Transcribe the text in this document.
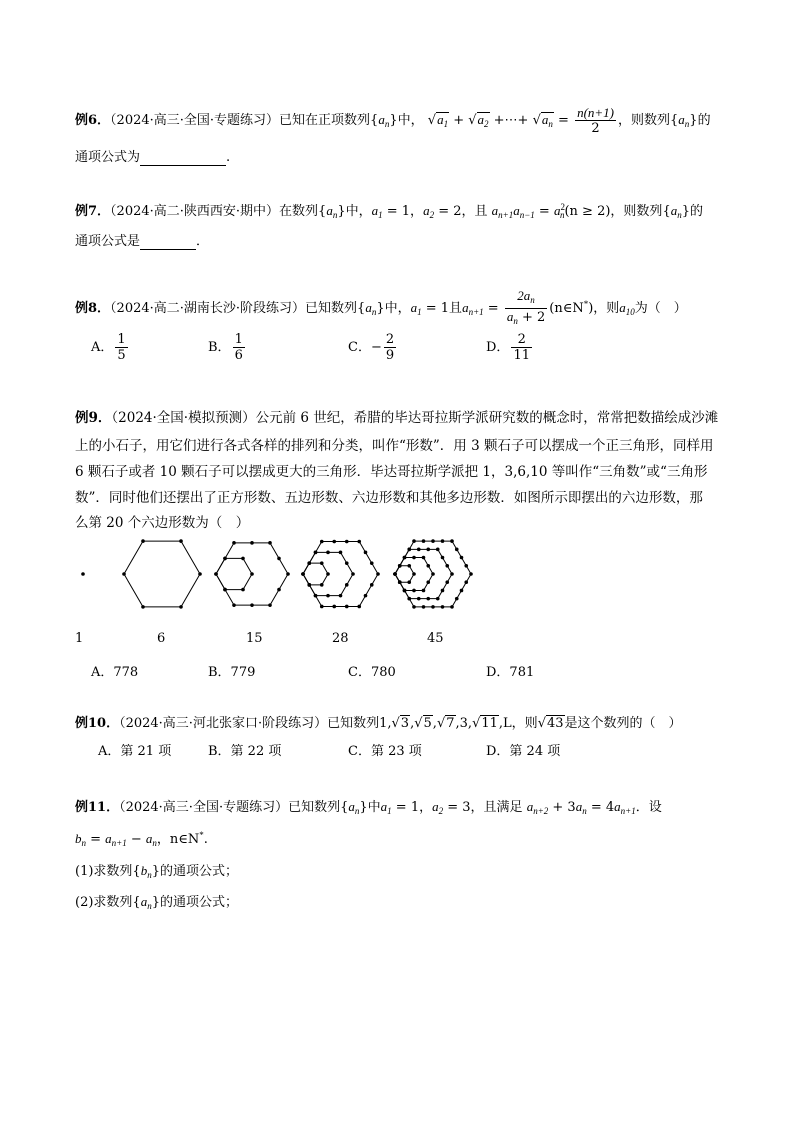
例6．（2024·高三·全国·专题练习）已知在正项数列$\{a_n\}$中， $√a_1 + √a_2$ +⋯+ $√a_n = \frac{n(n+1)}{2}$ ，则数列$\{a_n\}$的
通项公式为	.
例7．（2024·高二·陕西西安·期中）在数列$\{a_n\}$中，$a_1 = 1$，$a_2 = 2$，且 $a_{n+1}a_{n-1} = a^2_n(n \ge 2)$，则数列$\{a_n\}$的
通项公式是	．
例8．（2024·高二·湖南长沙·阶段练习）已知数列$\{a_n\}$中，$a_1 = 1$且$a_{n+1} = \frac{2a_n}{a_n + 2}$ (n∈N*)，则$a_{10}$为（　）
A． $\frac{1}{5}$	B． $\frac{1}{6}$	C．− $\frac{2}{9}$	D． $\frac{2}{11}$
例9．（2024·全国·模拟预测）公元前 6 世纪，希腊的毕达哥拉斯学派研究数的概念时，常常把数描绘成沙滩
上的小石子，用它们进行各式各样的排列和分类，叫作“形数”．用 3 颗石子可以摆成一个正三角形，同样用
6 颗石子或者 10 颗石子可以摆成更大的三角形．毕达哥拉斯学派把 1，3,6,10 等叫作“三角数”或“三角形
数”．同时他们还摆出了正方形数、五边形数、六边形数和其他多边形数．如图所示即摆出的六边形数，那
么第 20 个六边形数为（　）
1	6	15	28	45
A．778	B．779	C．780	D．781
例10．（2024·高三·河北张家口·阶段练习）已知数列1,√3,√5,√7,3,√11,L，则√43是这个数列的（　）
A．第 21 项	B．第 22 项	C．第 23 项	D．第 24 项
例11．（2024·高三·全国·专题练习）已知数列$\{a_n\}$中$a_1 = 1$，$a_2 = 3$，且满足 $a_{n+2} + 3a_n = 4a_{n+1}$．设
$b_n = a_{n+1} - a_n$，n∈N*.
(1)求数列$\{b_n\}$的通项公式；
(2)求数列$\{a_n\}$的通项公式；
